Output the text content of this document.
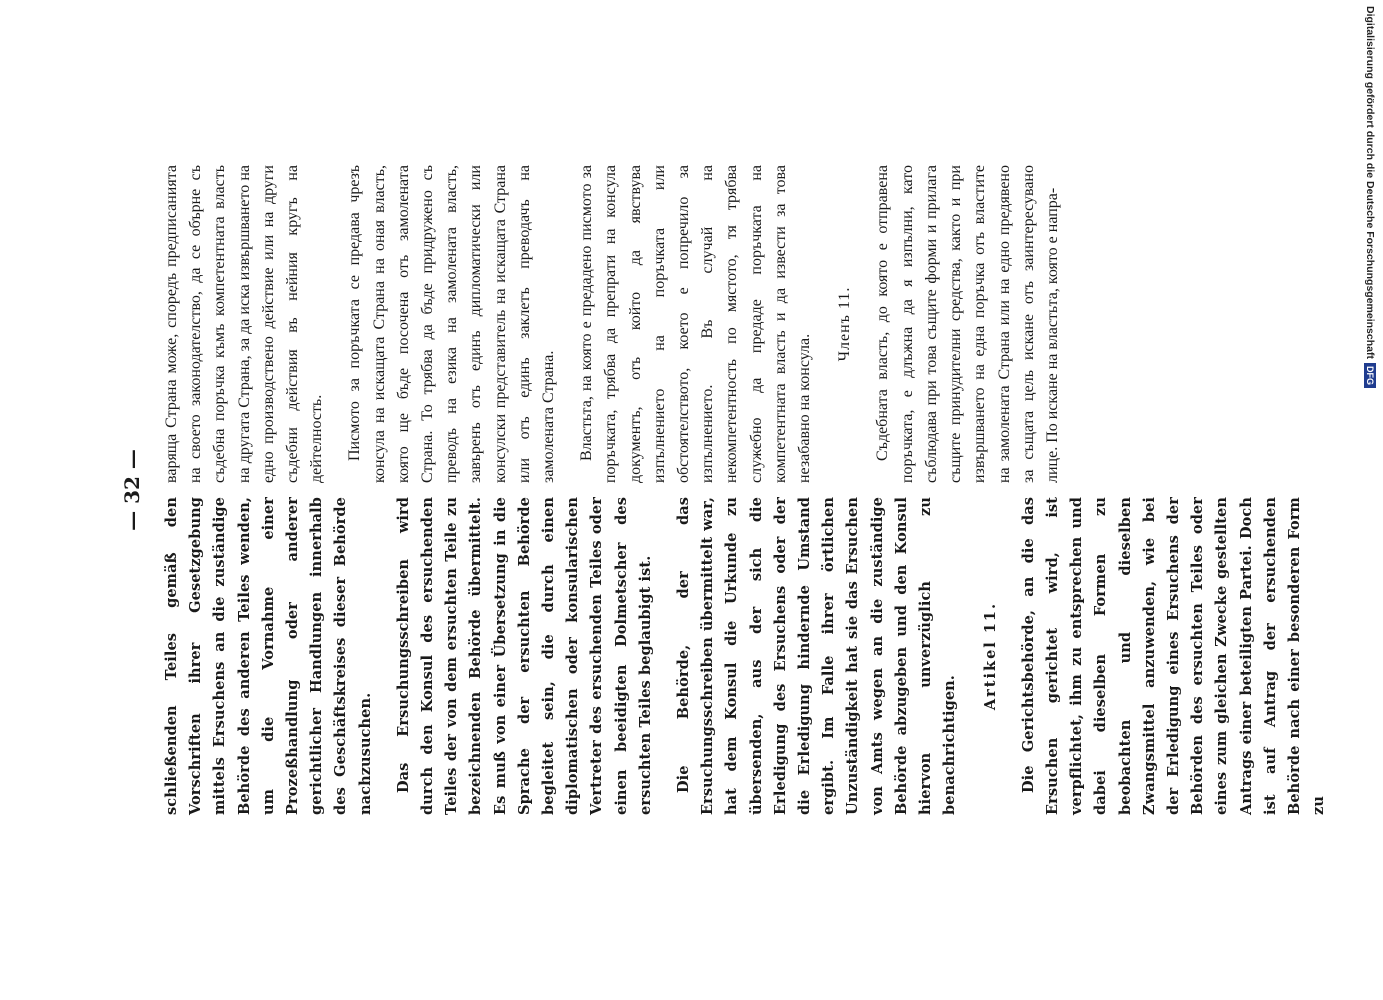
— 32 —

schließenden Teiles gemäß den Vorschriften ihrer Gesetzgebung mittels Ersuchens an die zuständige Behörde des anderen Teiles wenden, um die Vornahme einer Prozeßhandlung oder anderer gerichtlicher Handlungen innerhalb des Geschäftskreises dieser Behörde nachzusuchen. Das Ersuchungsschreiben wird durch den Konsul des ersuchenden Teiles der von dem ersuchten Teile zu bezeichnenden Behörde übermittelt. Es muß von einer Übersetzung in die Sprache der ersuchten Behörde begleitet sein, die durch einen diplomatischen oder konsularischen Vertreter des ersuchenden Teiles oder einen beeidigten Dolmetscher des ersuchten Teiles beglaubigt ist. Die Behörde, der das Ersuchungsschreiben übermittelt war, hat dem Konsul die Urkunde zu übersenden, aus der sich die Erledigung des Ersuchens oder der die Erledigung hindernde Umstand ergibt. Im Falle ihrer örtlichen Unzuständigkeit hat sie das Ersuchen von Amts wegen an die zuständige Behörde abzugeben und den Konsul hiervon unverzüglich zu benachrichtigen.

Artikel 11. Die Gerichtsbehörde, an die das Ersuchen gerichtet wird, ist verpflichtet, ihm zu entsprechen und dabei dieselben Formen zu beobachten und dieselben Zwangsmittel anzuwenden, wie bei der Erledigung eines Ersuchens der Behörden des ersuchten Teiles oder eines zum gleichen Zwecke gestellten Antrags einer beteiligten Partei. Doch ist auf Antrag der ersuchenden Behörde nach einer besonderen Form zu

варяща Страна може, споредъ предписанията на своето законодателство, да се обърне съ съдебна поръчка къмъ компетентната власть на другата Страна, за да иска извършването на едно производствено действие или на други съдебни действия въ нейния кругъ на дейтелность. Писмото за поръчката се предава чрезъ консула на искащата Страна на оная власть, която ще бъде посочена отъ замолената Страна. То трябва да бъде придружено съ преводъ на езика на замолената власть, завъренъ отъ единъ дипломатически или консулски представитель на искащата Страна или отъ единъ заклетъ преводачъ на замолената Страна. Властьта, на която е предадено писмото за поръчката, трябва да препрати на консула документъ, отъ който да явствува изпълнението на поръчката или обстоятелството, което е попречило за изпълнението. Въ случай на некомпетентность по мястото, тя трябва служебно да предаде поръчката на компетентната власть и да извести за това незабавно на консула.

Членъ 11. Съдебната власть, до която е отправена поръчката, е длъжна да я изпълни, като съблюдава при това същите форми и прилага същите принудителни средства, както и при извършването на една поръчка отъ властите на замолената Страна или на едно предявено за същата цель искане отъ заинтересувано лице. По искане на властьта, която е напра-	Digitalisierung gefördert durch die Deutsche Forschungsgemeinschaft
DFG
